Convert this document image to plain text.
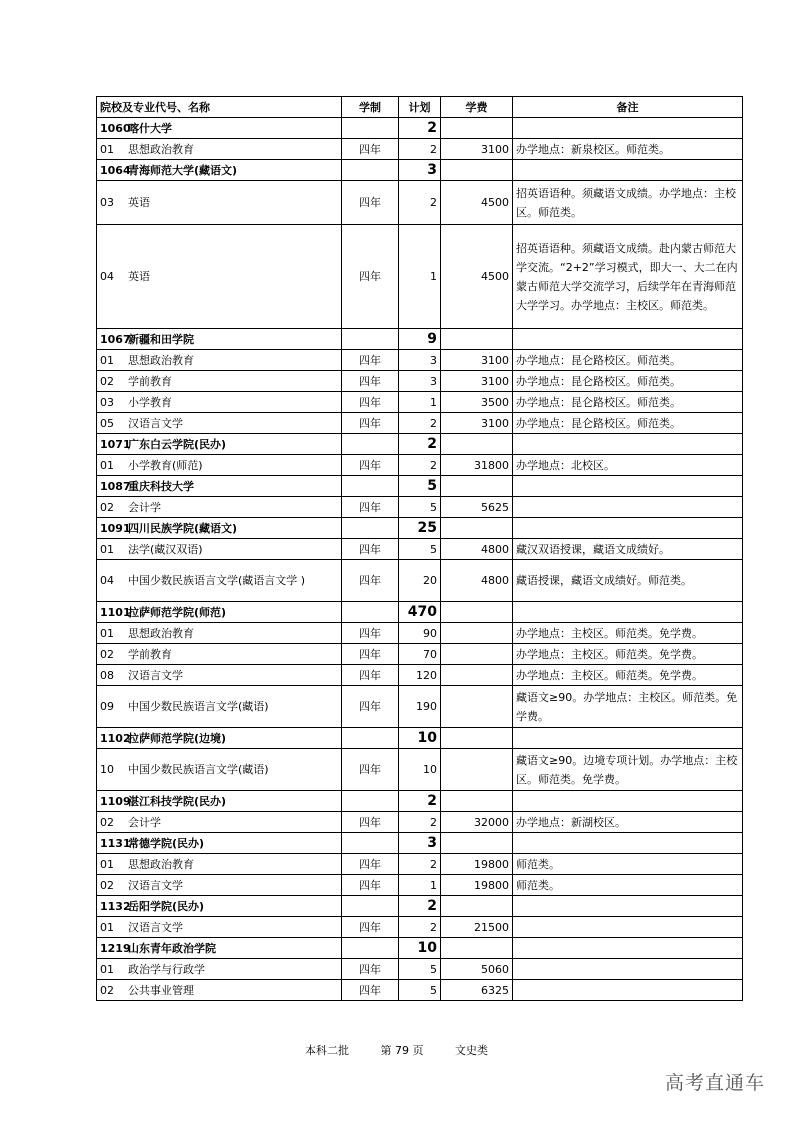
院校及专业代号、名称	学制	计划	学费	备注
1060喀什大学		2		
01 思想政治教育	四年	2	3100	办学地点：新泉校区。师范类。
1064青海师范大学(藏语文)		3		
03 英语	四年	2	4500	招英语语种。须藏语文成绩。办学地点：主校区。师范类。
04 英语	四年	1	4500	招英语语种。须藏语文成绩。赴内蒙古师范大学交流。“2+2”学习模式，即大一、大二在内蒙古师范大学交流学习，后续学年在青海师范大学学习。办学地点：主校区。师范类。
1067新疆和田学院		9		
01 思想政治教育	四年	3	3100	办学地点：昆仑路校区。师范类。
02 学前教育	四年	3	3100	办学地点：昆仑路校区。师范类。
03 小学教育	四年	1	3500	办学地点：昆仑路校区。师范类。
05 汉语言文学	四年	2	3100	办学地点：昆仑路校区。师范类。
1071广东白云学院(民办)		2		
01 小学教育(师范)	四年	2	31800	办学地点：北校区。
1087重庆科技大学		5		
02 会计学	四年	5	5625	
1091四川民族学院(藏语文)		25		
01 法学(藏汉双语)	四年	5	4800	藏汉双语授课，藏语文成绩好。
04 中国少数民族语言文学(藏语言文学 )	四年	20	4800	藏语授课，藏语文成绩好。师范类。
1101拉萨师范学院(师范)		470		
01 思想政治教育	四年	90		办学地点：主校区。师范类。免学费。
02 学前教育	四年	70		办学地点：主校区。师范类。免学费。
08 汉语言文学	四年	120		办学地点：主校区。师范类。免学费。
09 中国少数民族语言文学(藏语)	四年	190		藏语文≥90。办学地点：主校区。师范类。免学费。
1102拉萨师范学院(边境)		10		
10 中国少数民族语言文学(藏语)	四年	10		藏语文≥90。边境专项计划。办学地点：主校区。师范类。免学费。
1109湛江科技学院(民办)		2		
02 会计学	四年	2	32000	办学地点：新湖校区。
1131常德学院(民办)		3		
01 思想政治教育	四年	2	19800	师范类。
02 汉语言文学	四年	1	19800	师范类。
1132岳阳学院(民办)		2		
01 汉语言文学	四年	2	21500	
1219山东青年政治学院		10		
01 政治学与行政学	四年	5	5060	
02 公共事业管理	四年	5	6325	
本科二批	第 79 页	文史类
高考直通车
